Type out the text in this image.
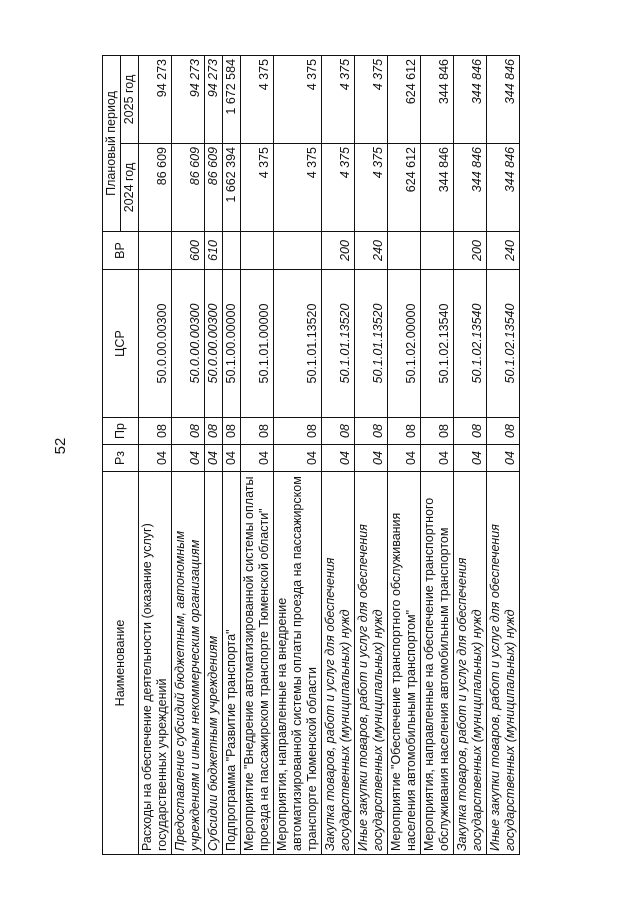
52
Наименование	Рз	Пр	ЦСР	ВР	Плановый период	
					2024 год	2025 год
Расходы на обеспечение деятельности (оказание услуг) государственных учреждений	04	08	50.0.00.00300		86 609	94 273
Предоставление субсидий бюджетным, автономным учреждениям и иным некоммерческим организациям	04	08	50.0.00.00300	600	86 609	94 273
Субсидии бюджетным учреждениям	04	08	50.0.00.00300	610	86 609	94 273
Подпрограмма "Развитие транспорта"	04	08	50.1.00.00000		1 662 394	1 672 584
Мероприятие "Внедрение автоматизированной системы оплаты проезда на пассажирском транспорте Тюменской области"	04	08	50.1.01.00000		4 375	4 375
Мероприятия, направленные на внедрение автоматизированной системы оплаты проезда на пассажирском транспорте Тюменской области	04	08	50.1.01.13520		4 375	4 375
Закупка товаров, работ и услуг для обеспечения государственных (муниципальных) нужд	04	08	50.1.01.13520	200	4 375	4 375
Иные закупки товаров, работ и услуг для обеспечения государственных (муниципальных) нужд	04	08	50.1.01.13520	240	4 375	4 375
Мероприятие "Обеспечение транспортного обслуживания населения автомобильным транспортом"	04	08	50.1.02.00000		624 612	624 612
Мероприятия, направленные на обеспечение транспортного обслуживания населения автомобильным транспортом	04	08	50.1.02.13540		344 846	344 846
Закупка товаров, работ и услуг для обеспечения государственных (муниципальных) нужд	04	08	50.1.02.13540	200	344 846	344 846
Иные закупки товаров, работ и услуг для обеспечения государственных (муниципальных) нужд	04	08	50.1.02.13540	240	344 846	344 846
